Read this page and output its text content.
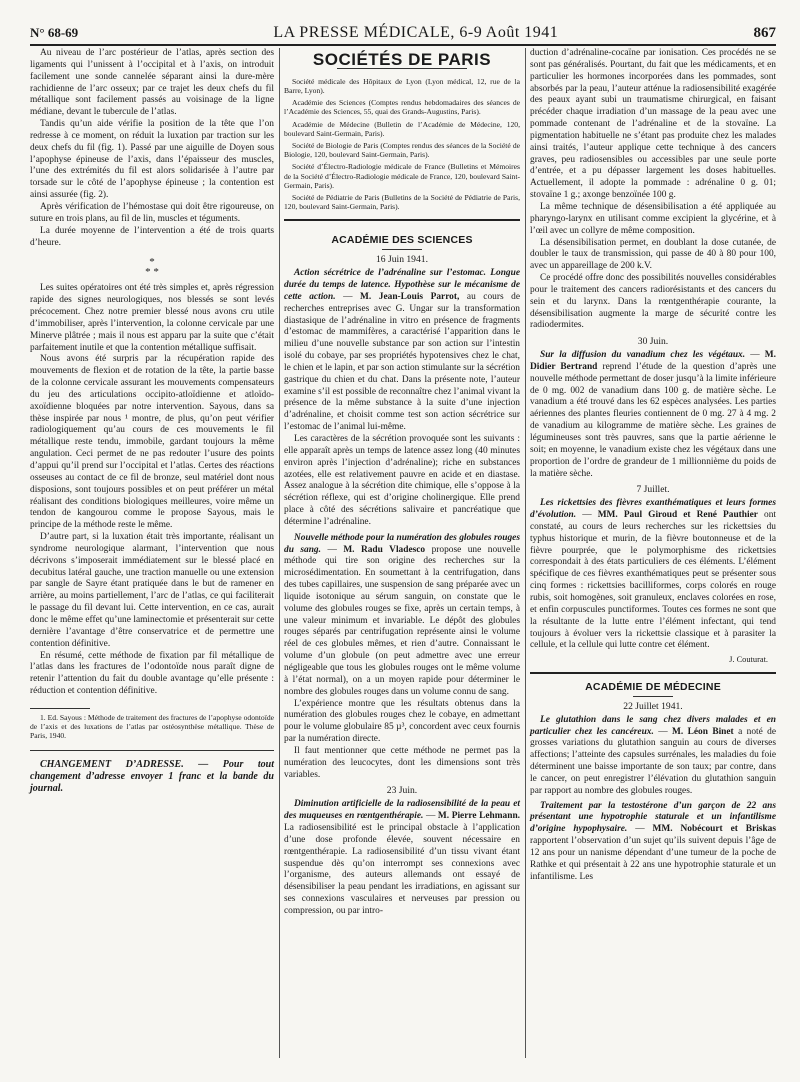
N° 68-69	LA PRESSE MÉDICALE, 6-9 Août 1941	867

Au niveau de l’arc postérieur de l’atlas, après section des ligaments qui l’unissent à l’occipital et à l’axis, on introduit facilement une sonde cannelée séparant ainsi la dure-mère rachidienne de l’arc osseux; par ce trajet les deux chefs du fil métallique sont facilement passés au voisinage de la ligne médiane, devant le tubercule de l’atlas.

Tandis qu’un aide vérifie la position de la tête que l’on redresse à ce moment, on réduit la luxation par traction sur les deux chefs du fil (fig. 1). Passé par une aiguille de Doyen sous l’apophyse épineuse de l’axis, dans l’épaisseur des muscles, l’une des extrémités du fil est alors solidarisée à l’autre par torsade sur le côté de l’apophyse épineuse ; la contention est ainsi assurée (fig. 2).

Après vérification de l’hémostase qui doit être rigoureuse, on suture en trois plans, au fil de lin, muscles et téguments.

La durée moyenne de l’intervention a été de trois quarts d’heure.

*
* *

Les suites opératoires ont été très simples et, après régression rapide des signes neurologiques, nos blessés se sont levés précocement. Chez notre premier blessé nous avons cru utile d’immobiliser, après l’intervention, la colonne cervicale par une Minerve plâtrée ; mais il nous est apparu par la suite que c’était parfaitement inutile et que la contention métallique suffisait.

Nous avons été surpris par la récupération rapide des mouvements de flexion et de rotation de la tête, la partie basse de la colonne cervicale assurant les mouvements compensateurs du jeu des articulations occipito-atloïdienne et atloïdo-axoïdienne bloquées par notre intervention. Sayous, dans sa thèse inspirée par nous ¹ montre, de plus, qu’on peut vérifier radiologiquement qu’au cours de ces mouvements le fil métallique reste tendu, immobile, gardant toujours la même angulation. Ceci permet de ne pas redouter l’usure des points d’appui qu’il prend sur l’occipital et l’atlas. Certes des réactions osseuses au contact de ce fil de bronze, seul matériel dont nous disposions, sont toujours possibles et on peut préférer un métal réalisant des conditions biologiques meilleures, voire même un tendon de kangourou comme le propose Sayous, mais le principe de la méthode reste le même.

D’autre part, si la luxation était très importante, réalisant un syndrome neurologique alarmant, l’intervention que nous décrivons s’imposerait immédiatement sur le blessé placé en decubitus latéral gauche, une traction manuelle ou une extension par sangle de Sayre étant pratiquée dans le but de ramener en arrière, au moins partiellement, l’arc de l’atlas, ce qui faciliterait le passage du fil devant lui. Cette intervention, en ce cas, aurait donc le même effet qu’une laminectomie et présenterait sur cette dernière l’avantage d’être conservatrice et de permettre une contention définitive.

En résumé, cette méthode de fixation par fil métallique de l’atlas dans les fractures de l’odontoïde nous paraît digne de retenir l’attention du fait du double avantage qu’elle présente : réduction et contention définitive.

1. Ed. Sayous : Méthode de traitement des fractures de l’apophyse odontoïde de l’axis et des luxations de l’atlas par ostéosynthèse métallique. Thèse de Paris, 1940.

CHANGEMENT D’ADRESSE. — Pour tout changement d’adresse envoyer 1 franc et la bande du journal.

SOCIÉTÉS DE PARIS

Société médicale des Hôpitaux de Lyon (Lyon médical, 12, rue de la Barre, Lyon).

Académie des Sciences (Comptes rendus hebdomadaires des séances de l’Académie des Sciences, 55, quai des Grands-Augustins, Paris).

Académie de Médecine (Bulletin de l’Académie de Médecine, 120, boulevard Saint-Germain, Paris).

Société de Biologie de Paris (Comptes rendus des séances de la Société de Biologie, 120, boulevard Saint-Germain, Paris).

Société d’Électro-Radiologie médicale de France (Bulletins et Mémoires de la Société d’Électro-Radiologie médicale de France, 120, boulevard Saint-Germain, Paris).

Société de Pédiatrie de Paris (Bulletins de la Société de Pédiatrie de Paris, 120, boulevard Saint-Germain, Paris).

ACADÉMIE DES SCIENCES
16 Juin 1941.

Action sécrétrice de l’adrénaline sur l’estomac. Longue durée du temps de latence. Hypothèse sur le mécanisme de cette action. — M. Jean-Louis Parrot, au cours de recherches entreprises avec G. Ungar sur la transformation diastasique de l’adrénaline in vitro en présence de fragments d’estomac de mammifères, a caractérisé l’apparition dans le milieu d’une nouvelle substance par son action sur l’intestin isolé du cobaye, par ses propriétés hypotensives chez le chat, le chien et le lapin, et par son action stimulante sur la sécrétion gastrique du chien et du chat. Dans la présente note, l’auteur examine s’il est possible de reconnaître chez l’animal vivant la présence de la même substance à la suite d’une injection d’adrénaline, et choisit comme test son action sécrétrice sur l’estomac de l’animal lui-même.

Les caractères de la sécrétion provoquée sont les suivants : elle apparaît après un temps de latence assez long (40 minutes environ après l’injection d’adrénaline); riche en substances azotées, elle est relativement pauvre en acide et en diastase. Assez analogue à la sécrétion dite chimique, elle s’oppose à la sécrétion réflexe, qui est d’origine cholinergique. Elle prend place à côté des sécrétions salivaire et pancréatique que détermine l’adrénaline.

Nouvelle méthode pour la numération des globules rouges du sang. — M. Radu Vladesco propose une nouvelle méthode qui tire son origine des recherches sur la microsédimentation. En soumettant à la centrifugation, dans des tubes capillaires, une suspension de sang préparée avec un liquide isotonique au sérum sanguin, on constate que le volume des globules rouges se fixe, après un certain temps, à une valeur minimum et invariable. Le dépôt des globules rouges séparés par centrifugation représente ainsi le volume réel de ces globules mêmes, et rien d’autre. Connaissant le volume d’un globule (on peut admettre avec une erreur négligeable que tous les globules rouges ont le même volume à l’état normal), on a un moyen rapide pour déterminer le nombre des globules rouges dans un volume connu de sang.

L’expérience montre que les résultats obtenus dans la numération des globules rouges chez le cobaye, en admettant pour le volume globulaire 85 µ³, concordent avec ceux fournis par la numération directe.

Il faut mentionner que cette méthode ne permet pas la numération des leucocytes, dont les dimensions sont très variables.

23 Juin.

Diminution artificielle de la radiosensibilité de la peau et des muqueuses en rœntgenthérapie. — M. Pierre Lehmann. La radiosensibilité est le principal obstacle à l’application d’une dose profonde élevée, souvent nécessaire en rœntgenthérapie. La radiosensibilité d’un tissu vivant étant suspendue dès qu’on interrompt ses connexions avec l’organisme, des auteurs allemands ont essayé de désensibiliser la peau pendant les irradiations, en agissant sur ses connexions vasculaires et nerveuses par pression ou compression, ou par intro-

duction d’adrénaline-cocaïne par ionisation. Ces procédés ne se sont pas généralisés. Pourtant, du fait que les médicaments, et en particulier les hormones incorporées dans les pommades, sont absorbés par la peau, l’auteur atténue la radiosensibilité exagérée des peaux ayant subi un traumatisme chirurgical, en faisant précéder chaque irradiation d’un massage de la peau avec une pommade contenant de l’adrénaline et de la stovaïne. La pigmentation habituelle ne s’étant pas produite chez les malades ainsi traités, l’auteur applique cette technique à des cancers graves, peu radiosensibles ou accessibles par une seule porte d’entrée, et a pu dépasser largement les doses habituelles. Actuellement, il adopte la pommade : adrénaline 0 g. 01; stovaïne 1 g.; axonge benzoïnée 100 g.

La même technique de désensibilisation a été appliquée au pharyngo-larynx en utilisant comme excipient la glycérine, et à l’œil avec un collyre de même composition.

La désensibilisation permet, en doublant la dose cutanée, de doubler le taux de transmission, qui passe de 40 à 80 pour 100, avec un appareillage de 200 k.V.

Ce procédé offre donc des possibilités nouvelles considérables pour le traitement des cancers radiorésistants et des cancers du sein et du larynx. Dans la rœntgenthérapie courante, la désensibilisation augmente la marge de sécurité contre les radiodermites.

30 Juin.

Sur la diffusion du vanadium chez les végétaux. — M. Didier Bertrand reprend l’étude de la question d’après une nouvelle méthode permettant de doser jusqu’à la limite inférieure de 0 mg. 002 de vanadium dans 100 g. de matière sèche. Le vanadium a été trouvé dans les 62 espèces analysées. Les parties aériennes des plantes fleuries contiennent de 0 mg. 27 à 4 mg. 2 de vanadium au kilogramme de matière sèche. Les graines de légumineuses sont très pauvres, sans que la partie aérienne le soit; en moyenne, le vanadium existe chez les végétaux dans une proportion de l’ordre de grandeur de 1 millionnième du poids de la matière sèche.

7 Juillet.

Les rickettsies des fièvres exanthématiques et leurs formes d’évolution. — MM. Paul Giroud et René Pauthier ont constaté, au cours de leurs recherches sur les rickettsies du typhus historique et murin, de la fièvre boutonneuse et de la fièvre pourprée, que le polymorphisme des rickettsies correspondait à des états particuliers de ces éléments. L’élément spécifique de ces fièvres exanthématiques peut se présenter sous cinq formes : rickettsies bacilliformes, corps colorés en rouge rubis, soit homogènes, soit granuleux, enclaves colorées en rose, et enfin corpuscules punctiformes. Toutes ces formes ne sont que la résultante de la lutte entre l’élément infectant, qui tend toujours à évoluer vers la rickettsie classique et à parasiter la cellule, et la cellule qui lutte contre cet élément.

J. Couturat.
ACADÉMIE DE MÉDECINE
22 Juillet 1941.

Le glutathion dans le sang chez divers malades et en particulier chez les cancéreux. — M. Léon Binet a noté de grosses variations du glutathion sanguin au cours de diverses affections; l’atteinte des capsules surrénales, les maladies du foie déterminent une baisse importante de son taux; par contre, dans le cancer, on peut enregistrer l’élévation du glutathion sanguin par rapport au nombre des globules rouges.

Traitement par la testostérone d’un garçon de 22 ans présentant une hypotrophie staturale et un infantilisme d’origine hypophysaire. — MM. Nobécourt et Briskas rapportent l’observation d’un sujet qu’ils suivent depuis l’âge de 12 ans pour un nanisme dépendant d’une tumeur de la poche de Rathke et qui présentait à 22 ans une hypotrophie staturale et un infantilisme. Les
